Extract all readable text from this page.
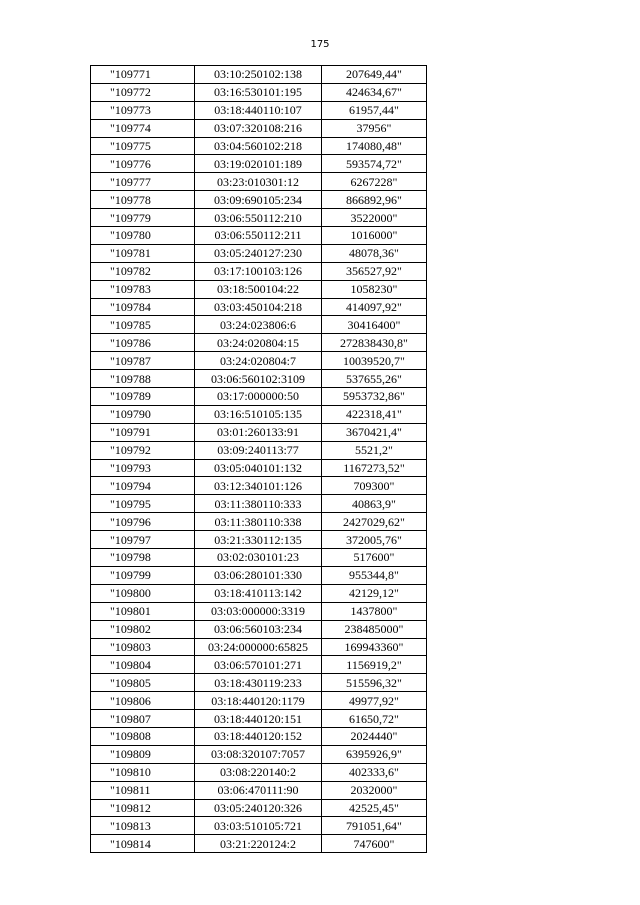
175
"109771	03:10:250102:138	207649,44"
"109772	03:16:530101:195	424634,67"
"109773	03:18:440110:107	61957,44"
"109774	03:07:320108:216	37956"
"109775	03:04:560102:218	174080,48"
"109776	03:19:020101:189	593574,72"
"109777	03:23:010301:12	6267228"
"109778	03:09:690105:234	866892,96"
"109779	03:06:550112:210	3522000"
"109780	03:06:550112:211	1016000"
"109781	03:05:240127:230	48078,36"
"109782	03:17:100103:126	356527,92"
"109783	03:18:500104:22	1058230"
"109784	03:03:450104:218	414097,92"
"109785	03:24:023806:6	30416400"
"109786	03:24:020804:15	272838430,8"
"109787	03:24:020804:7	10039520,7"
"109788	03:06:560102:3109	537655,26"
"109789	03:17:000000:50	5953732,86"
"109790	03:16:510105:135	422318,41"
"109791	03:01:260133:91	3670421,4"
"109792	03:09:240113:77	5521,2"
"109793	03:05:040101:132	1167273,52"
"109794	03:12:340101:126	709300"
"109795	03:11:380110:333	40863,9"
"109796	03:11:380110:338	2427029,62"
"109797	03:21:330112:135	372005,76"
"109798	03:02:030101:23	517600"
"109799	03:06:280101:330	955344,8"
"109800	03:18:410113:142	42129,12"
"109801	03:03:000000:3319	1437800"
"109802	03:06:560103:234	238485000"
"109803	03:24:000000:65825	169943360"
"109804	03:06:570101:271	1156919,2"
"109805	03:18:430119:233	515596,32"
"109806	03:18:440120:1179	49977,92"
"109807	03:18:440120:151	61650,72"
"109808	03:18:440120:152	2024440"
"109809	03:08:320107:7057	6395926,9"
"109810	03:08:220140:2	402333,6"
"109811	03:06:470111:90	2032000"
"109812	03:05:240120:326	42525,45"
"109813	03:03:510105:721	791051,64"
"109814	03:21:220124:2	747600"
